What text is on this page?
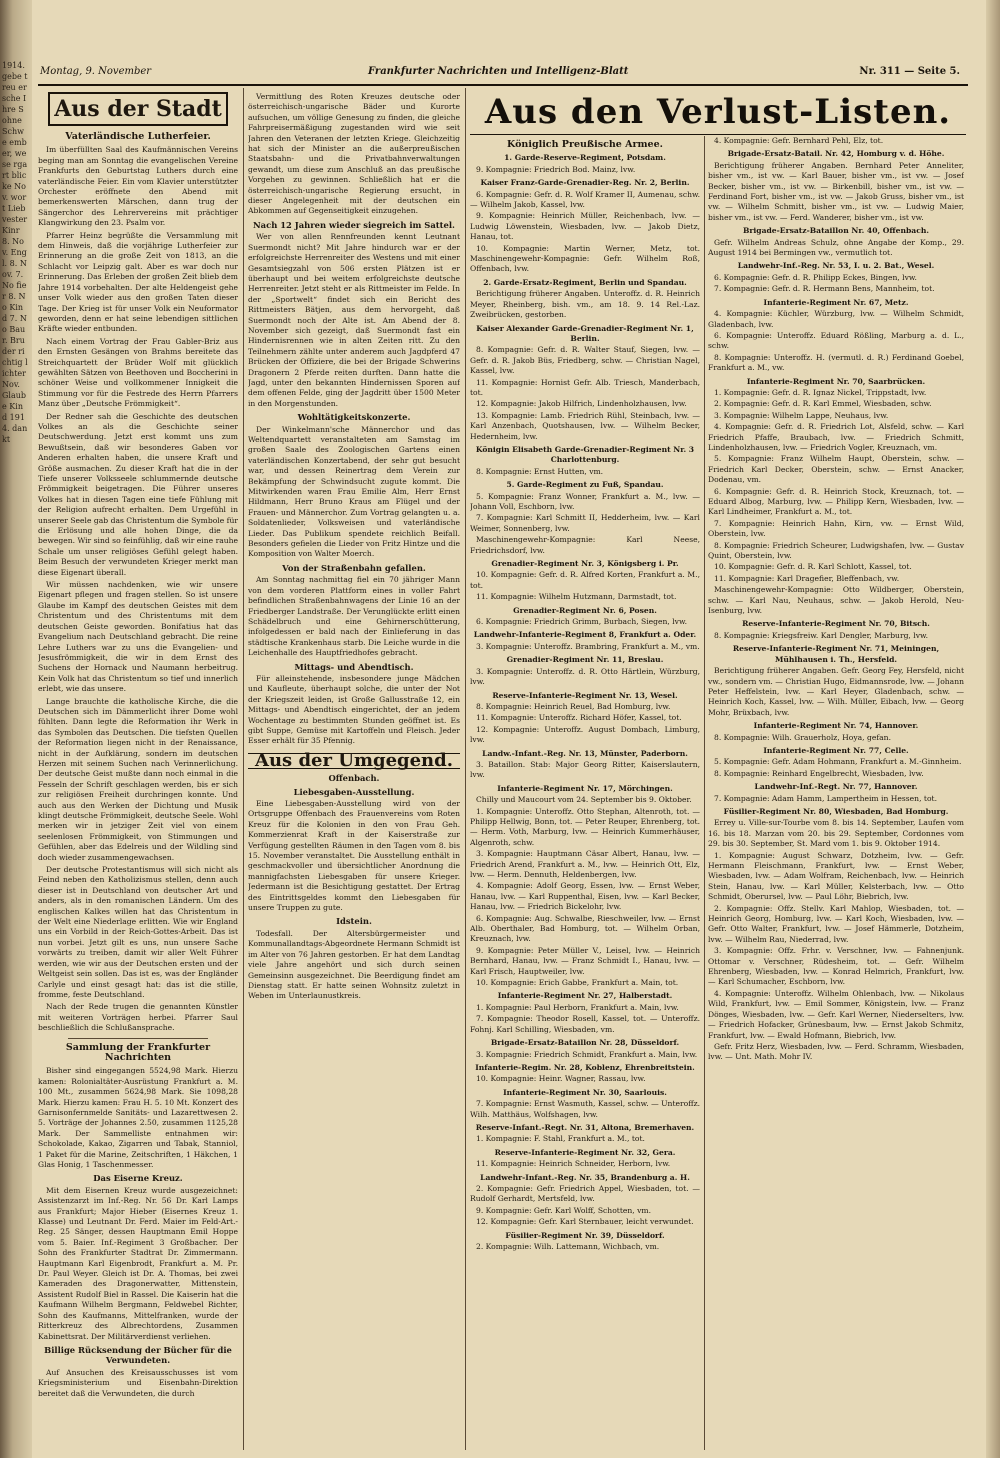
1914. gebe treu ersche Ihre Sohne Schwe ember, wese rgart blicke Nov. wort Lieb vester Kinr 8. Nov. Engl. 8. Nov. 7. No fier 8. No Kind 7. No Baur. Bruder richtig lichter Nov. Glaube Kind 1914. dankt
Montag, 9. November	Frankfurter Nachrichten und Intelligenz-Blatt	Nr. 311 — Seite 5.
Aus der Stadt
Vaterländische Lutherfeier.

Im überfüllten Saal des Kaufmännischen Vereins beging man am Sonntag die evangelischen Vereine Frankfurts den Geburtstag Luthers durch eine vaterländische Feier. Ein vom Klavier unterstützter Orchester eröffnete den Abend mit bemerkenswerten Märschen, dann trug der Sängerchor des Lehrervereins mit prächtiger Klangwirkung den 23. Psalm vor.

Pfarrer Heinz begrüßte die Versammlung mit dem Hinweis, daß die vorjährige Lutherfeier zur Erinnerung an die große Zeit von 1813, an die Schlacht vor Leipzig galt. Aber es war doch nur Erinnerung. Das Erleben der großen Zeit blieb dem Jahre 1914 vorbehalten. Der alte Heldengeist gehe unser Volk wieder aus den großen Taten dieser Tage. Der Krieg ist für unser Volk ein Neuformator geworden, denn er hat seine lebendigen sittlichen Kräfte wieder entbunden.

Nach einem Vortrag der Frau Gabler-Briz aus den Ernsten Gesängen von Brahms bereitete das Streichquartett der Brüder Wolf mit glücklich gewählten Sätzen von Beethoven und Boccherini in schöner Weise und vollkommener Innigkeit die Stimmung vor für die Festrede des Herrn Pfarrers Manz über „Deutsche Frömmigkeit“.

Der Redner sah die Geschichte des deutschen Volkes an als die Geschichte seiner Deutschwerdung. Jetzt erst kommt uns zum Bewußtsein, daß wir besonderes Gaben vor Anderen erhalten haben, die unsere Kraft und Größe ausmachen. Zu dieser Kraft hat die in der Tiefe unserer Volksseele schlummernde deutsche Frömmigkeit beigetragen. Die Führer unseres Volkes hat in diesen Tagen eine tiefe Fühlung mit der Religion aufrecht erhalten. Dem Urgefühl in unserer Seele gab das Christentum die Symbole für die Erlösung und alle hohen Dinge, die da bewegen. Wir sind so feinfühlig, daß wir eine rauhe Schale um unser religiöses Gefühl gelegt haben. Beim Besuch der verwundeten Krieger merkt man diese Eigenart überall.

Wir müssen nachdenken, wie wir unsere Eigenart pflegen und fragen stellen. So ist unsere Glaube im Kampf des deutschen Geistes mit dem Christentum und des Christentums mit dem deutschen Geiste geworden. Bonifatius hat das Evangelium nach Deutschland gebracht. Die reine Lehre Luthers war zu uns die Evangelien- und Jesusfrömmigkeit, die wir in dem Ernst des Suchens der Hornack und Naumann herbeitrug. Kein Volk hat das Christentum so tief und innerlich erlebt, wie das unsere.

Lange brauchte die katholische Kirche, die die Deutschen sich im Dämmerlicht ihrer Dome wohl fühlten. Dann legte die Reformation ihr Werk in das Symbolen das Deutschen. Die tiefsten Quellen der Reformation liegen nicht in der Renaissance, nicht in der Aufklärung, sondern im deutschen Herzen mit seinem Suchen nach Verinnerlichung. Der deutsche Geist mußte dann noch einmal in die Fesseln der Schrift geschlagen werden, bis er sich zur religiösen Freiheit durchringen konnte. Und auch aus den Werken der Dichtung und Musik klingt deutsche Frömmigkeit, deutsche Seele. Wohl merken wir in jetziger Zeit viel von einem seelenlosen Frömmigkeit, von Stimmungen und Gefühlen, aber das Edelreis und der Wildling sind doch wieder zusammengewachsen.

Der deutsche Protestantismus will sich nicht als Feind neben den Katholizismus stellen, denn auch dieser ist in Deutschland von deutscher Art und anders, als in den romanischen Ländern. Um des englischen Kalkes willen hat das Christentum in der Welt eine Niederlage erlitten. Wie wir England uns ein Vorbild in der Reich-Gottes-Arbeit. Das ist nun vorbei. Jetzt gilt es uns, nun unsere Sache vorwärts zu treiben, damit wir aller Welt Führer werden, wie wir aus der Deutschen ersten und der Weltgeist sein sollen. Das ist es, was der Engländer Carlyle und einst gesagt hat: das ist die stille, fromme, feste Deutschland.

Nach der Rede trugen die genannten Künstler mit weiteren Vorträgen herbei. Pfarrer Saul beschließlich die Schlußansprache.

Sammlung der Frankfurter Nachrichten

Bisher sind eingegangen 5524,98 Mark. Hierzu kamen: Rolonialtäter-Ausrüstung Frankfurt a. M. 100 Mt., zusammen 5624,98 Mark. Sie 1098,28 Mark. Hierzu kamen: Frau H. 5. 10 Mt. Konzert des Garnisonfernmelde Sanitäts- und Lazarettwesen 2. 5. Vorträge der Johannes 2.50, zusammen 1125,28 Mark. Der Sammelliste entnahmen wir: Schokolade, Kakao, Zigarren und Tabak, Stanniol, 1 Paket für die Marine, Zeitschriften, 1 Häkchen, 1 Glas Honig, 1 Taschenmesser.

Das Eiserne Kreuz.

Mit dem Eisernen Kreuz wurde ausgezeichnet: Assistenzarzt im Inf.-Reg. Nr. 56 Dr. Karl Lamps aus Frankfurt; Major Hieber (Eisernes Kreuz 1. Klasse) und Leutnant Dr. Ferd. Maier im Feld-Art.-Reg. 25 Sänger, dessen Hauptmann Emil Hoppe vom 5. Baier. Inf.-Regiment 3 Großbacher. Der Sohn des Frankfurter Stadtrat Dr. Zimmermann. Hauptmann Karl Eigenbrodt, Frankfurt a. M. Pr. Dr. Paul Weyer. Gleich ist Dr. A. Thomas, bei zwei Kameraden des Dragonerwatter, Mittenstein, Assistent Rudolf Biel in Rassel. Die Kaiserin hat die Kaufmann Wilhelm Bergmann, Feldwebel Richter, Sohn des Kaufmanns, Mittelfranken, wurde der Ritterkreuz des Albrechtordens, Zusammen Kabinettsrat. Der Militärverdienst verliehen.

Billige Rücksendung der Bücher für die Verwundeten.

Auf Ansuchen des Kreisausschusses ist vom Kriegsministerium und Eisenbahn-Direktion bereitet daß die Verwundeten, die durch

Vermittlung des Roten Kreuzes deutsche oder österreichisch-ungarische Bäder und Kurorte aufsuchen, um völlige Genesung zu finden, die gleiche Fahrpreisermäßigung zugestanden wird wie seit Jahren den Veteranen der letzten Kriege. Gleichzeitig hat sich der Minister an die außerpreußischen Staatsbahn- und die Privatbahnverwaltungen gewandt, um diese zum Anschluß an das preußische Vorgehen zu gewinnen. Schließlich hat er die österreichisch-ungarische Regierung ersucht, in dieser Angelegenheit mit der deutschen ein Abkommen auf Gegenseitigkeit einzugehen.

Nach 12 Jahren wieder siegreich im Sattel.

Wer von allen Rennfreunden kennt Leutnant Suermondt nicht? Mit Jahre hindurch war er der erfolgreichste Herrenreiter des Westens und mit einer Gesamtsiegzahl von 506 ersten Plätzen ist er überhaupt und bei weitem erfolgreichste deutsche Herrenreiter. Jetzt steht er als Rittmeister im Felde. In der „Sportwelt“ findet sich ein Bericht des Rittmeisters Bätjen, aus dem hervorgeht, daß Suermondt noch der Alte ist. Am Abend der 8. November sich gezeigt, daß Suermondt fast ein Hindernisrennen wie in alten Zeiten ritt. Zu den Teilnehmern zählte unter anderem auch Jagdpferd 47 Brücken der Offiziere, die bei der Brigade Schwerins Dragonern 2 Pferde reiten durften. Dann hatte die Jagd, unter den bekannten Hindernissen Sporen auf dem offenen Felde, ging der Jagdritt über 1500 Meter in den Morgenstunden.

Wohltätigkeitskonzerte.

Der Winkelmann'sche Männerchor und das Weltendquartett veranstalteten am Samstag im großen Saale des Zoologischen Gartens einen vaterländischen Konzertabend, der sehr gut besucht war, und dessen Reinertrag dem Verein zur Bekämpfung der Schwindsucht zugute kommt. Die Mitwirkenden waren Frau Emilie Alm, Herr Ernst Hildmann, Herr Bruno Kraus am Flügel und der Frauen- und Männerchor. Zum Vortrag gelangten u. a. Soldatenlieder, Volksweisen und vaterländische Lieder. Das Publikum spendete reichlich Beifall. Besonders gefielen die Lieder von Fritz Hintze und die Komposition von Walter Moerch.

Von der Straßenbahn gefallen.

Am Sonntag nachmittag fiel ein 70 jähriger Mann von dem vorderen Plattform eines in voller Fahrt befindlichen Straßenbahnwagens der Linie 16 an der Friedberger Landstraße. Der Verunglückte erlitt einen Schädelbruch und eine Gehirnerschütterung, infolgedessen er bald nach der Einlieferung in das städtische Krankenhaus starb. Die Leiche wurde in die Leichenhalle des Hauptfriedhofes gebracht.

Mittags- und Abendtisch.

Für alleinstehende, insbesondere junge Mädchen und Kaufleute, überhaupt solche, die unter der Not der Kriegszeit leiden, ist Große Gallusstraße 12, ein Mittags- und Abendtisch eingerichtet, der an jedem Wochentage zu bestimmten Stunden geöffnet ist. Es gibt Suppe, Gemüse mit Kartoffeln und Fleisch. Jeder Esser erhält für 35 Pfennig.

Aus der Umgegend.
Offenbach.
Liebesgaben-Ausstellung.

Eine Liebesgaben-Ausstellung wird von der Ortsgruppe Offenbach des Frauenvereins vom Roten Kreuz für die Kolonien in den von Frau Geh. Kommerzienrat Kraft in der Kaiserstraße zur Verfügung gestellten Räumen in den Tagen vom 8. bis 15. November veranstaltet. Die Ausstellung enthält in geschmackvoller und übersichtlicher Anordnung die mannigfachsten Liebesgaben für unsere Krieger. Jedermann ist die Besichtigung gestattet. Der Ertrag des Eintrittsgeldes kommt den Liebesgaben für unsere Truppen zu gute.

Idstein.

Todesfall. Der Altersbürgermeister und Kommunallandtags-Abgeordnete Hermann Schmidt ist im Alter von 76 Jahren gestorben. Er hat dem Landtag viele Jahre angehört und sich durch seinen Gemeinsinn ausgezeichnet. Die Beerdigung findet am Dienstag statt. Er hatte seinen Wohnsitz zuletzt in Weben im Unterlaunustkreis.

Aus den Verlust-Listen.
Königlich Preußische Armee.

1. Garde-Reserve-Regiment, Potsdam.

9. Kompagnie: Friedrich Bod. Mainz, lvw.

Kaiser Franz-Garde-Grenadier-Reg. Nr. 2, Berlin.

6. Kompagnie: Gefr. d. R. Wolf Kramer II, Aumenau, schw. — Wilhelm Jakob, Kassel, lvw.

9. Kompagnie: Heinrich Müller, Reichenbach, lvw. — Ludwig Löwenstein, Wiesbaden, lvw. — Jakob Dietz, Hanau, tot.

10. Kompagnie: Martin Werner, Metz, tot. Maschinengewehr-Kompagnie: Gefr. Wilhelm Roß, Offenbach, lvw.

2. Garde-Ersatz-Regiment, Berlin und Spandau.

Berichtigung früherer Angaben. Unteroffz. d. R. Heinrich Meyer, Rheinberg, bish. vm., am 18. 9. 14 Rel.-Laz. Zweibrücken, gestorben.

Kaiser Alexander Garde-Grenadier-Regiment Nr. 1, Berlin.

8. Kompagnie: Gefr. d. R. Walter Stauf, Siegen, lvw. — Gefr. d. R. Jakob Büs, Friedberg, schw. — Christian Nagel, Kassel, lvw.

11. Kompagnie: Hornist Gefr. Alb. Triesch, Manderbach, tot.

12. Kompagnie: Jakob Hilfrich, Lindenholzhausen, lvw.

13. Kompagnie: Lamb. Friedrich Rühl, Steinbach, lvw. — Karl Anzenbach, Quotshausen, lvw. — Wilhelm Becker, Hedernheim, lvw.

Königin Elisabeth Garde-Grenadier-Regiment Nr. 3 Charlottenburg.

8. Kompagnie: Ernst Hutten, vm.

5. Garde-Regiment zu Fuß, Spandau.

5. Kompagnie: Franz Wonner, Frankfurt a. M., lvw. — Johann Voll, Eschborn, lvw.

7. Kompagnie: Karl Schmitt II, Hedderheim, lvw. — Karl Weimer, Sonnenberg, lvw.

Maschinengewehr-Kompagnie: Karl Neese, Friedrichsdorf, lvw.

Grenadier-Regiment Nr. 3, Königsberg i. Pr.

10. Kompagnie: Gefr. d. R. Alfred Korten, Frankfurt a. M., tot.

11. Kompagnie: Wilhelm Hutzmann, Darmstadt, tot.

Grenadier-Regiment Nr. 6, Posen.

6. Kompagnie: Friedrich Grimm, Burbach, Siegen, lvw.

Landwehr-Infanterie-Regiment 8, Frankfurt a. Oder.

3. Kompagnie: Unteroffz. Brambring, Frankfurt a. M., vm.

Grenadier-Regiment Nr. 11, Breslau.

3. Kompagnie: Unteroffz. d. R. Otto Härtlein, Würzburg, lvw.

Reserve-Infanterie-Regiment Nr. 13, Wesel.

8. Kompagnie: Heinrich Reuel, Bad Homburg, lvw.

11. Kompagnie: Unteroffz. Richard Höfer, Kassel, tot.

12. Kompagnie: Unteroffz. August Dombach, Limburg, lvw.

Landw.-Infant.-Reg. Nr. 13, Münster, Paderborn.

3. Bataillon. Stab: Major Georg Ritter, Kaiserslautern, lvw.

Infanterie-Regiment Nr. 17, Mörchingen.

Chilly und Maucourt vom 24. September bis 9. Oktober.

1. Kompagnie: Unteroffz. Otto Stephan, Altenroth, tot. — Philipp Hellwig, Bonn, tot. — Peter Reuper, Ehrenberg, tot. — Herm. Voth, Marburg, lvw. — Heinrich Kummerhäuser, Algenroth, schw.

3. Kompagnie: Hauptmann Cäsar Albert, Hanau, lvw. — Friedrich Arend, Frankfurt a. M., lvw. — Heinrich Ott, Elz, lvw. — Herm. Dennuth, Heldenbergen, lvw.

4. Kompagnie: Adolf Georg, Essen, lvw. — Ernst Weber, Hanau, lvw. — Karl Ruppenthal, Eisen, lvw. — Karl Becker, Hanau, lvw. — Friedrich Bickelohr, lvw.

6. Kompagnie: Aug. Schwalbe, Rieschweiler, lvw. — Ernst Alb. Oberthaler, Bad Homburg, tot. — Wilhelm Orban, Kreuznach, lvw.

9. Kompagnie: Peter Müller V., Leisel, lvw. — Heinrich Bernhard, Hanau, lvw. — Franz Schmidt I., Hanau, lvw. — Karl Frisch, Hauptweiler, lvw.

10. Kompagnie: Erich Gabbe, Frankfurt a. Main, tot.

Infanterie-Regiment Nr. 27, Halberstadt.

1. Kompagnie: Paul Herborn, Frankfurt a. Main, lvw.

7. Kompagnie: Theodor Rosell, Kassel, tot. — Unteroffz. Fohnj. Karl Schilling, Wiesbaden, vm.

Brigade-Ersatz-Bataillon Nr. 28, Düsseldorf.

3. Kompagnie: Friedrich Schmidt, Frankfurt a. Main, lvw.

Infanterie-Regim. Nr. 28, Koblenz, Ehrenbreitstein.

10. Kompagnie: Heinr. Wagner, Rassau, lvw.

Infanterie-Regiment Nr. 30, Saarlouis.

7. Kompagnie: Ernst Wasmuth, Kassel, schw. — Unteroffz. Wilh. Matthäus, Wolfshagen, lvw.

Reserve-Infant.-Regt. Nr. 31, Altona, Bremerhaven.

1. Kompagnie: F. Stahl, Frankfurt a. M., tot.

Reserve-Infanterie-Regiment Nr. 32, Gera.

11. Kompagnie: Heinrich Schneider, Herborn, lvw.

Landwehr-Infant.-Reg. Nr. 35, Brandenburg a. H.

2. Kompagnie: Gefr. Friedrich Appel, Wiesbaden, tot. — Rudolf Gerhardt, Mertsfeld, lvw.

9. Kompagnie: Gefr. Karl Wolff, Schotten, vm.

12. Kompagnie: Gefr. Karl Sternbauer, leicht verwundet.

Füsilier-Regiment Nr. 39, Düsseldorf.

2. Kompagnie: Wilh. Lattemann, Wichbach, vm.

4. Kompagnie: Gefr. Bernhard Pehl, Elz, tot.

Brigade-Ersatz-Batail. Nr. 42, Homburg v. d. Höhe.

Berichtigung früherer Angaben. Bernhard Peter Anneliter, bisher vm., ist vw. — Karl Bauer, bisher vm., ist vw. — Josef Becker, bisher vm., ist vw. — Birkenbill, bisher vm., ist vw. — Ferdinand Fort, bisher vm., ist vw. — Jakob Gruss, bisher vm., ist vw. — Wilhelm Schmitt, bisher vm., ist vw. — Ludwig Maier, bisher vm., ist vw. — Ferd. Wanderer, bisher vm., ist vw.

Brigade-Ersatz-Bataillon Nr. 40, Offenbach.

Gefr. Wilhelm Andreas Schulz, ohne Angabe der Komp., 29. August 1914 bei Bermingen vw., vermutlich tot.

Landwehr-Inf.-Reg. Nr. 53, I. u. 2. Bat., Wesel.

6. Kompagnie: Gefr. d. R. Philipp Eckes, Bingen, lvw.

7. Kompagnie: Gefr. d. R. Hermann Bens, Mannheim, tot.

Infanterie-Regiment Nr. 67, Metz.

4. Kompagnie: Küchler, Würzburg, lvw. — Wilhelm Schmidt, Gladenbach, lvw.

6. Kompagnie: Unteroffz. Eduard Rößling, Marburg a. d. L., schw.

8. Kompagnie: Unteroffz. H. (vermutl. d. R.) Ferdinand Goebel, Frankfurt a. M., vw.

Infanterie-Regiment Nr. 70, Saarbrücken.

1. Kompagnie: Gefr. d. R. Ignaz Nickel, Trippstadt, lvw.

2. Kompagnie: Gefr. d. R. Karl Emmel, Wiesbaden, schw.

3. Kompagnie: Wilhelm Lappe, Neuhaus, lvw.

4. Kompagnie: Gefr. d. R. Friedrich Lot, Alsfeld, schw. — Karl Friedrich Pfaffe, Braubach, lvw. — Friedrich Schmitt, Lindenholzhausen, lvw. — Friedrich Vogler, Kreuznach, vm.

5. Kompagnie: Franz Wilhelm Haupt, Oberstein, schw. — Friedrich Karl Decker, Oberstein, schw. — Ernst Anacker, Dodenau, vm.

6. Kompagnie: Gefr. d. R. Heinrich Stock, Kreuznach, tot. — Eduard Albog, Marburg, lvw. — Philipp Kern, Wiesbaden, lvw. — Karl Lindheimer, Frankfurt a. M., tot.

7. Kompagnie: Heinrich Hahn, Kirn, vw. — Ernst Wild, Oberstein, lvw.

8. Kompagnie: Friedrich Scheurer, Ludwigshafen, lvw. — Gustav Quint, Oberstein, lvw.

10. Kompagnie: Gefr. d. R. Karl Schlott, Kassel, tot.

11. Kompagnie: Karl Dragefier, Bleffenbach, vw.

Maschinengewehr-Kompagnie: Otto Wildberger, Oberstein, schw. — Karl Nau, Neuhaus, schw. — Jakob Herold, Neu-Isenburg, lvw.

Reserve-Infanterie-Regiment Nr. 70, Bitsch.

8. Kompagnie: Kriegsfreiw. Karl Dengler, Marburg, lvw.

Reserve-Infanterie-Regiment Nr. 71, Meiningen, Mühlhausen i. Th., Hersfeld.

Berichtigung früherer Angaben. Gefr. Georg Fey, Hersfeld, nicht vw., sondern vm. — Christian Hugo, Eidmannsrode, lvw. — Johann Peter Heffelstein, lvw. — Karl Heyer, Gladenbach, schw. — Heinrich Koch, Kassel, lvw. — Wilh. Müller, Eibach, lvw. — Georg Mohr, Brüxbach, lvw.

Infanterie-Regiment Nr. 74, Hannover.

8. Kompagnie: Wilh. Grauerholz, Hoya, gefan.

Infanterie-Regiment Nr. 77, Celle.

5. Kompagnie: Gefr. Adam Hohmann, Frankfurt a. M.-Ginnheim.

8. Kompagnie: Reinhard Engelbrecht, Wiesbaden, lvw.

Landwehr-Inf.-Regt. Nr. 77, Hannover.

7. Kompagnie: Adam Hamm, Lampertheim in Hessen, tot.

Füsilier-Regiment Nr. 80, Wiesbaden, Bad Homburg.

Errey u. Ville-sur-Tourbe vom 8. bis 14. September, Laufen vom 16. bis 18. Marzan vom 20. bis 29. September, Cordonnes vom 29. bis 30. September, St. Mard vom 1. bis 9. Oktober 1914.

1. Kompagnie: August Schwarz, Dotzheim, lvw. — Gefr. Hermann Fleischmann, Frankfurt, lvw. — Ernst Weber, Wiesbaden, lvw. — Adam Wolfram, Reichenbach, lvw. — Heinrich Stein, Hanau, lvw. — Karl Müller, Kelsterbach, lvw. — Otto Schmidt, Oberursel, lvw. — Paul Löhr, Biebrich, lvw.

2. Kompagnie: Offz. Stellv. Karl Mahlop, Wiesbaden, tot. — Heinrich Georg, Homburg, lvw. — Karl Koch, Wiesbaden, lvw. — Gefr. Otto Walter, Frankfurt, lvw. — Josef Hämmerle, Dotzheim, lvw. — Wilhelm Rau, Niederrad, lvw.

3. Kompagnie: Offz. Frhr. v. Verschner, lvw. — Fahnenjunk. Ottomar v. Verschner, Rüdesheim, tot. — Gefr. Wilhelm Ehrenberg, Wiesbaden, lvw. — Konrad Helmrich, Frankfurt, lvw. — Karl Schumacher, Eschborn, lvw.

4. Kompagnie: Unteroffz. Wilhelm Ohlenbach, lvw. — Nikolaus Wild, Frankfurt, lvw. — Emil Sommer, Königstein, lvw. — Franz Dönges, Wiesbaden, lvw. — Gefr. Karl Werner, Niederselters, lvw. — Friedrich Hofacker, Grünesbaum, lvw. — Ernst Jakob Schmitz, Frankfurt, lvw. — Ewald Hofmann, Biebrich, lvw.

Gefr. Fritz Herz, Wiesbaden, lvw. — Ferd. Schramm, Wiesbaden, lvw. — Unt. Math. Mohr IV.
